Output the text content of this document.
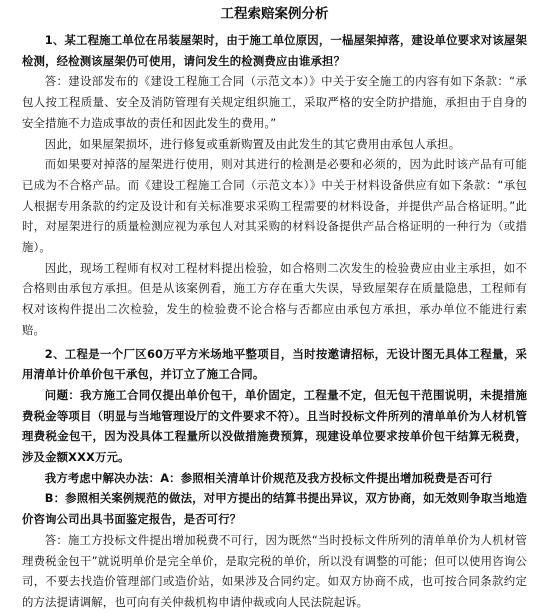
工程索赔案例分析

1、某工程施工单位在吊装屋架时，由于施工单位原因，一榀屋架掉落，建设单位要求对该屋架检测，经检测该屋架仍可使用，请问发生的检测费应由谁承担？

答：建设部发布的《建设工程施工合同（示范文本）》中关于安全施工的内容有如下条款：“承包人按工程质量、安全及消防管理有关规定组织施工，采取严格的安全防护措施，承担由于自身的安全措施不力造成事故的责任和因此发生的费用。”

因此，如果屋架损坏，进行修复或重新购置及由此发生的其它费用由承包人承担。

而如果要对掉落的屋架进行使用，则对其进行的检测是必要和必须的，因为此时该产品有可能已成为不合格产品。而《建设工程施工合同（示范文本）》中关于材料设备供应有如下条款：“承包人根据专用条款的约定及设计和有关标准要求采购工程需要的材料设备，并提供产品合格证明。”此时，对屋架进行的质量检测应视为承包人对其采购的材料设备提供产品合格证明的一种行为（或措施）。

因此，现场工程师有权对工程材料提出检验，如合格则二次发生的检验费应由业主承担，如不合格则由承包方承担。但是从该案例看，施工方存在重大失误，导致屋架存在质量隐患，工程师有权对该构件提出二次检验，发生的检验费不论合格与否都应由承包方承担，承办单位不能进行索赔。

2、工程是一个厂区60万平方米场地平整项目，当时按邀请招标，无设计图无具体工程量，采用清单计价单价包干承包，并订立了施工合同。

问题：我方施工合同仅提出单价包干，单价固定，工程量不定，但无包干范围说明，未提措施费税金等项目（明显与当地管理设厅的文件要求不符）。且当时投标文件所列的清单单价为人材机管理费税金包干，因为没具体工程量所以没做措施费预算，现建设单位要求按单价包干结算无税费，涉及金额XXX万元。

我方考虑中解决办法：A：参照相关清单计价规范及我方投标文件提出增加税费是否可行

B：参照相关案例规范的做法，对甲方提出的结算书提出异议，双方协商，如无效则争取当地造价咨询公司出具书面鉴定报告，是否可行？

答：施工方投标文件提出增加税费不可行，因为既然“当时投标文件所列的清单单价为人机材管理费税金包干”就说明单价是完全单价，是取完税的单价，所以没有调整的可能；但可以使用咨询公司，不要去找造价管理部门或造价站，如果涉及合同约定。如双方协商不成，也可按合同条款约定的方法提请调解，也可向有关仲裁机构申请仲裁或向人民法院起诉。
